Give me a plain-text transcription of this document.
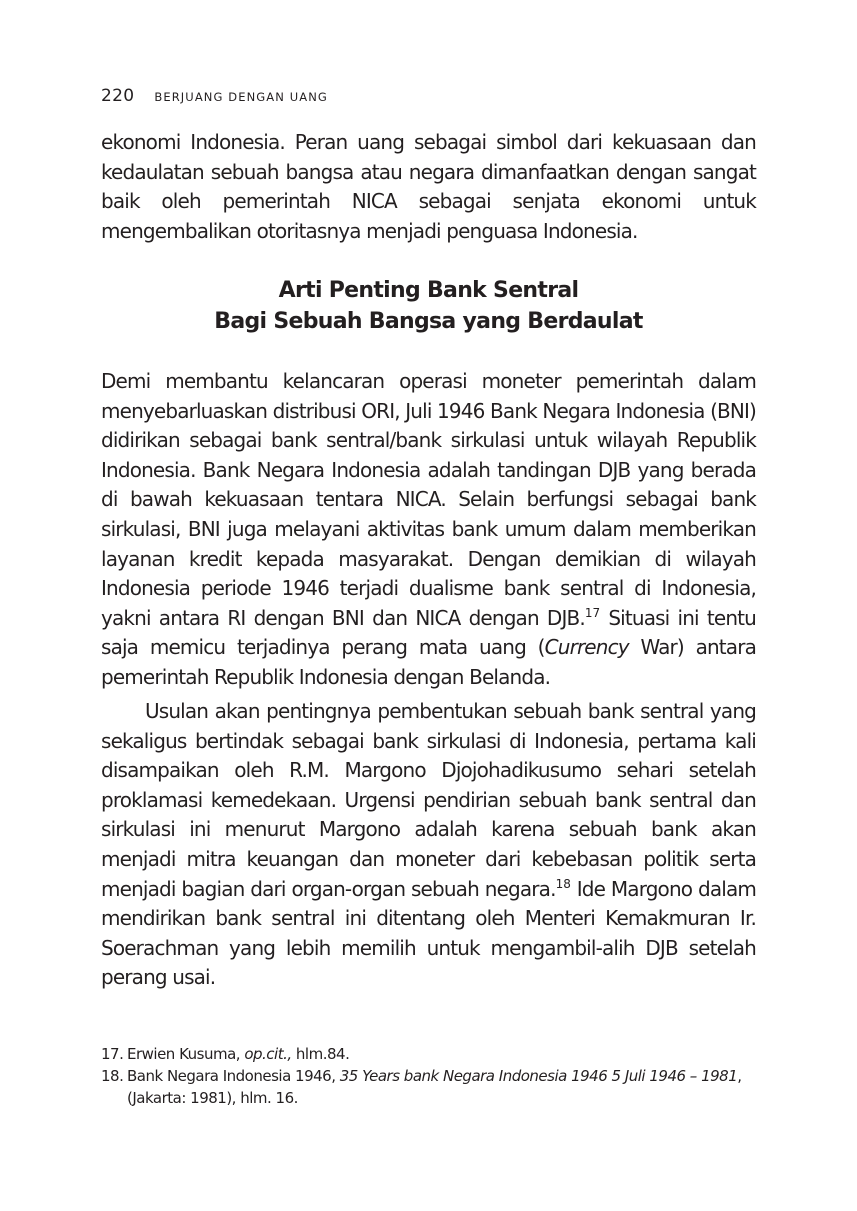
220 BERJUANG DENGAN UANG

ekonomi Indonesia. Peran uang sebagai simbol dari kekuasaan dan kedaulatan sebuah bangsa atau negara dimanfaatkan dengan sangat baik oleh pemerintah NICA sebagai senjata ekonomi untuk mengembalikan otoritasnya menjadi penguasa Indonesia.

Arti Penting Bank Sentral
Bagi Sebuah Bangsa yang Berdaulat

Demi membantu kelancaran operasi moneter pemerintah dalam menyebarluaskan distribusi ORI, Juli 1946 Bank Negara Indonesia (BNI) didirikan sebagai bank sentral/bank sirkulasi untuk wilayah Republik Indonesia. Bank Negara Indonesia adalah tandingan DJB yang berada di bawah kekuasaan tentara NICA. Selain berfungsi sebagai bank sirkulasi, BNI juga melayani aktivitas bank umum dalam memberikan layanan kredit kepada masyarakat. Dengan demikian di wilayah Indonesia periode 1946 terjadi dualisme bank sentral di Indonesia, yakni antara RI dengan BNI dan NICA dengan DJB.$^{17}$ Situasi ini tentu saja memicu terjadinya perang mata uang (Currency War) antara pemerintah Republik Indonesia dengan Belanda.

Usulan akan pentingnya pembentukan sebuah bank sentral yang sekaligus bertindak sebagai bank sirkulasi di Indonesia, pertama kali disampaikan oleh R.M. Margono Djojohadikusumo sehari setelah proklamasi kemedekaan. Urgensi pendirian sebuah bank sentral dan sirkulasi ini menurut Margono adalah karena sebuah bank akan menjadi mitra keuangan dan moneter dari kebebasan politik serta menjadi bagian dari organ-organ sebuah negara.$^{18}$ Ide Margono dalam mendirikan bank sentral ini ditentang oleh Menteri Kemakmuran Ir. Soerachman yang lebih memilih untuk mengambil-alih DJB setelah perang usai.

17. Erwien Kusuma, op.cit., hlm.84.
18. Bank Negara Indonesia 1946, 35 Years bank Negara Indonesia 1946 5 Juli 1946 – 1981, (Jakarta: 1981), hlm. 16.
